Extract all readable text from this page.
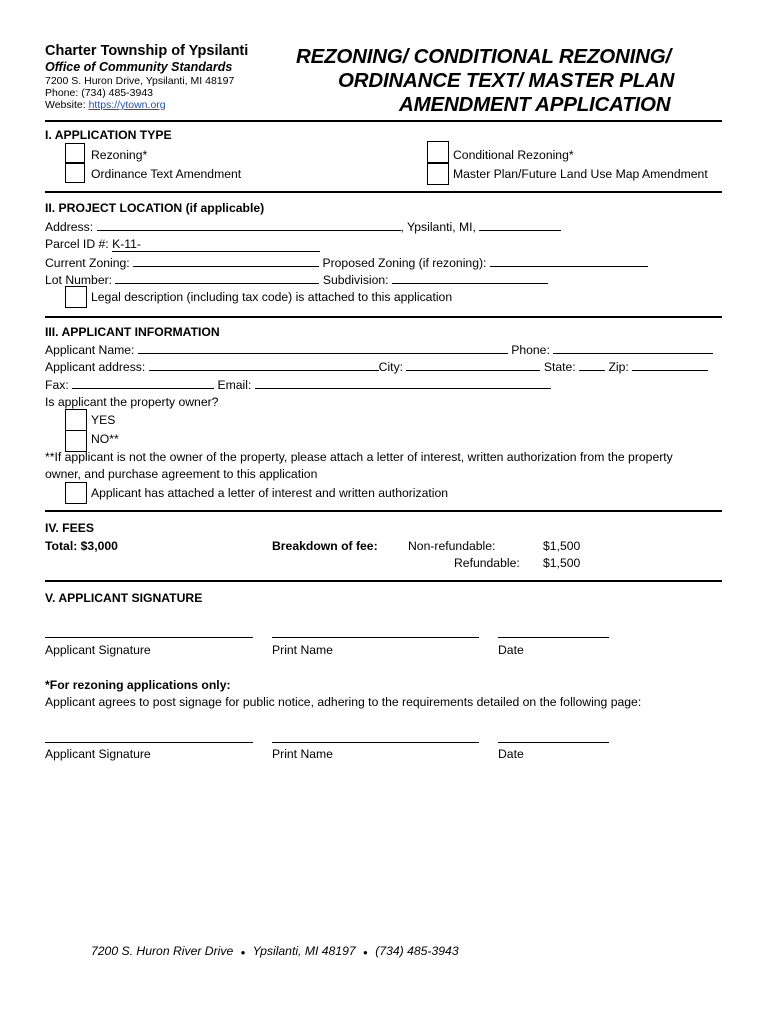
Charter Township of Ypsilanti
Office of Community Standards
7200 S. Huron Drive, Ypsilanti, MI 48197
Phone: (734) 485-3943
Website: https://ytown.org
REZONING/ CONDITIONAL REZONING/
ORDINANCE TEXT/ MASTER PLAN
AMENDMENT APPLICATION
I. APPLICATION TYPE
Rezoning*
Ordinance Text Amendment
Conditional Rezoning*
Master Plan/Future Land Use Map Amendment
II. PROJECT LOCATION (if applicable)
Address:	, Ypsilanti, MI,
Parcel ID #: K-11-
Current Zoning:	Proposed Zoning (if rezoning):
Lot Number:	Subdivision:
Legal description (including tax code) is attached to this application
III. APPLICANT INFORMATION
Applicant Name:	Phone:
Applicant address:	City:	State:	Zip:
Fax:	Email:
Is applicant the property owner?
YES
NO**
**If applicant is not the owner of the property, please attach a letter of interest, written authorization from the property
owner, and purchase agreement to this application
Applicant has attached a letter of interest and written authorization
IV. FEES
Total: $3,000	Breakdown of fee: Non-refundable:	$1,500
Refundable: $1,500
V. APPLICANT SIGNATURE
Applicant Signature	Print Name	Date
*For rezoning applications only:
Applicant agrees to post signage for public notice, adhering to the requirements detailed on the following page:
Applicant Signature	Print Name	Date
7200 S. Huron River Drive ● Ypsilanti, MI 48197 ● (734) 485-3943
